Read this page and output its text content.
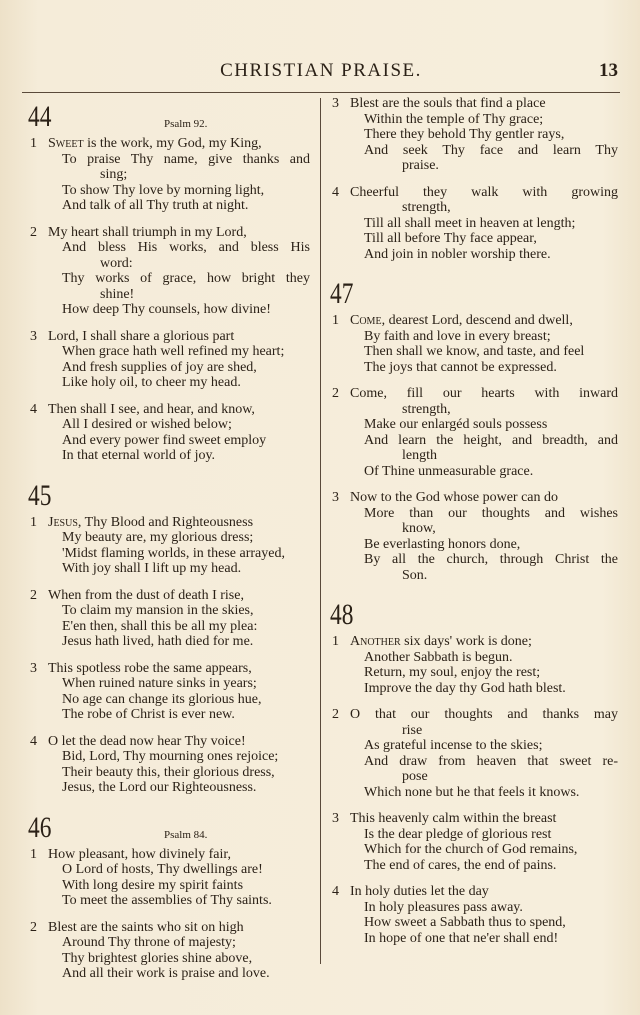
CHRISTIAN PRAISE.	13
44	Psalm 92.
1 Sweet is the work, my God, my King,
To praise Thy name, give thanks and
sing;
To show Thy love by morning light,
And talk of all Thy truth at night.
2 My heart shall triumph in my Lord,
And bless His works, and bless His
word:
Thy works of grace, how bright they
shine!
How deep Thy counsels, how divine!
3 Lord, I shall share a glorious part
When grace hath well refined my heart;
And fresh supplies of joy are shed,
Like holy oil, to cheer my head.
4 Then shall I see, and hear, and know,
All I desired or wished below;
And every power find sweet employ
In that eternal world of joy.
45
1 Jesus, Thy Blood and Righteousness
My beauty are, my glorious dress;
'Midst flaming worlds, in these arrayed,
With joy shall I lift up my head.
2 When from the dust of death I rise,
To claim my mansion in the skies,
E'en then, shall this be all my plea:
Jesus hath lived, hath died for me.
3 This spotless robe the same appears,
When ruined nature sinks in years;
No age can change its glorious hue,
The robe of Christ is ever new.
4 O let the dead now hear Thy voice!
Bid, Lord, Thy mourning ones rejoice;
Their beauty this, their glorious dress,
Jesus, the Lord our Righteousness.
46	Psalm 84.
1 How pleasant, how divinely fair,
O Lord of hosts, Thy dwellings are!
With long desire my spirit faints
To meet the assemblies of Thy saints.
2 Blest are the saints who sit on high
Around Thy throne of majesty;
Thy brightest glories shine above,
And all their work is praise and love.
3 Blest are the souls that find a place
Within the temple of Thy grace;
There they behold Thy gentler rays,
And seek Thy face and learn Thy
praise.
4 Cheerful they walk with growing
strength,
Till all shall meet in heaven at length;
Till all before Thy face appear,
And join in nobler worship there.
47
1 Come, dearest Lord, descend and dwell,
By faith and love in every breast;
Then shall we know, and taste, and feel
The joys that cannot be expressed.
2 Come, fill our hearts with inward
strength,
Make our enlargéd souls possess
And learn the height, and breadth, and
length
Of Thine unmeasurable grace.
3 Now to the God whose power can do
More than our thoughts and wishes
know,
Be everlasting honors done,
By all the church, through Christ the
Son.
48
1 Another six days' work is done;
Another Sabbath is begun.
Return, my soul, enjoy the rest;
Improve the day thy God hath blest.
2 O that our thoughts and thanks may
rise
As grateful incense to the skies;
And draw from heaven that sweet re-
pose
Which none but he that feels it knows.
3 This heavenly calm within the breast
Is the dear pledge of glorious rest
Which for the church of God remains,
The end of cares, the end of pains.
4 In holy duties let the day
In holy pleasures pass away.
How sweet a Sabbath thus to spend,
In hope of one that ne'er shall end!
